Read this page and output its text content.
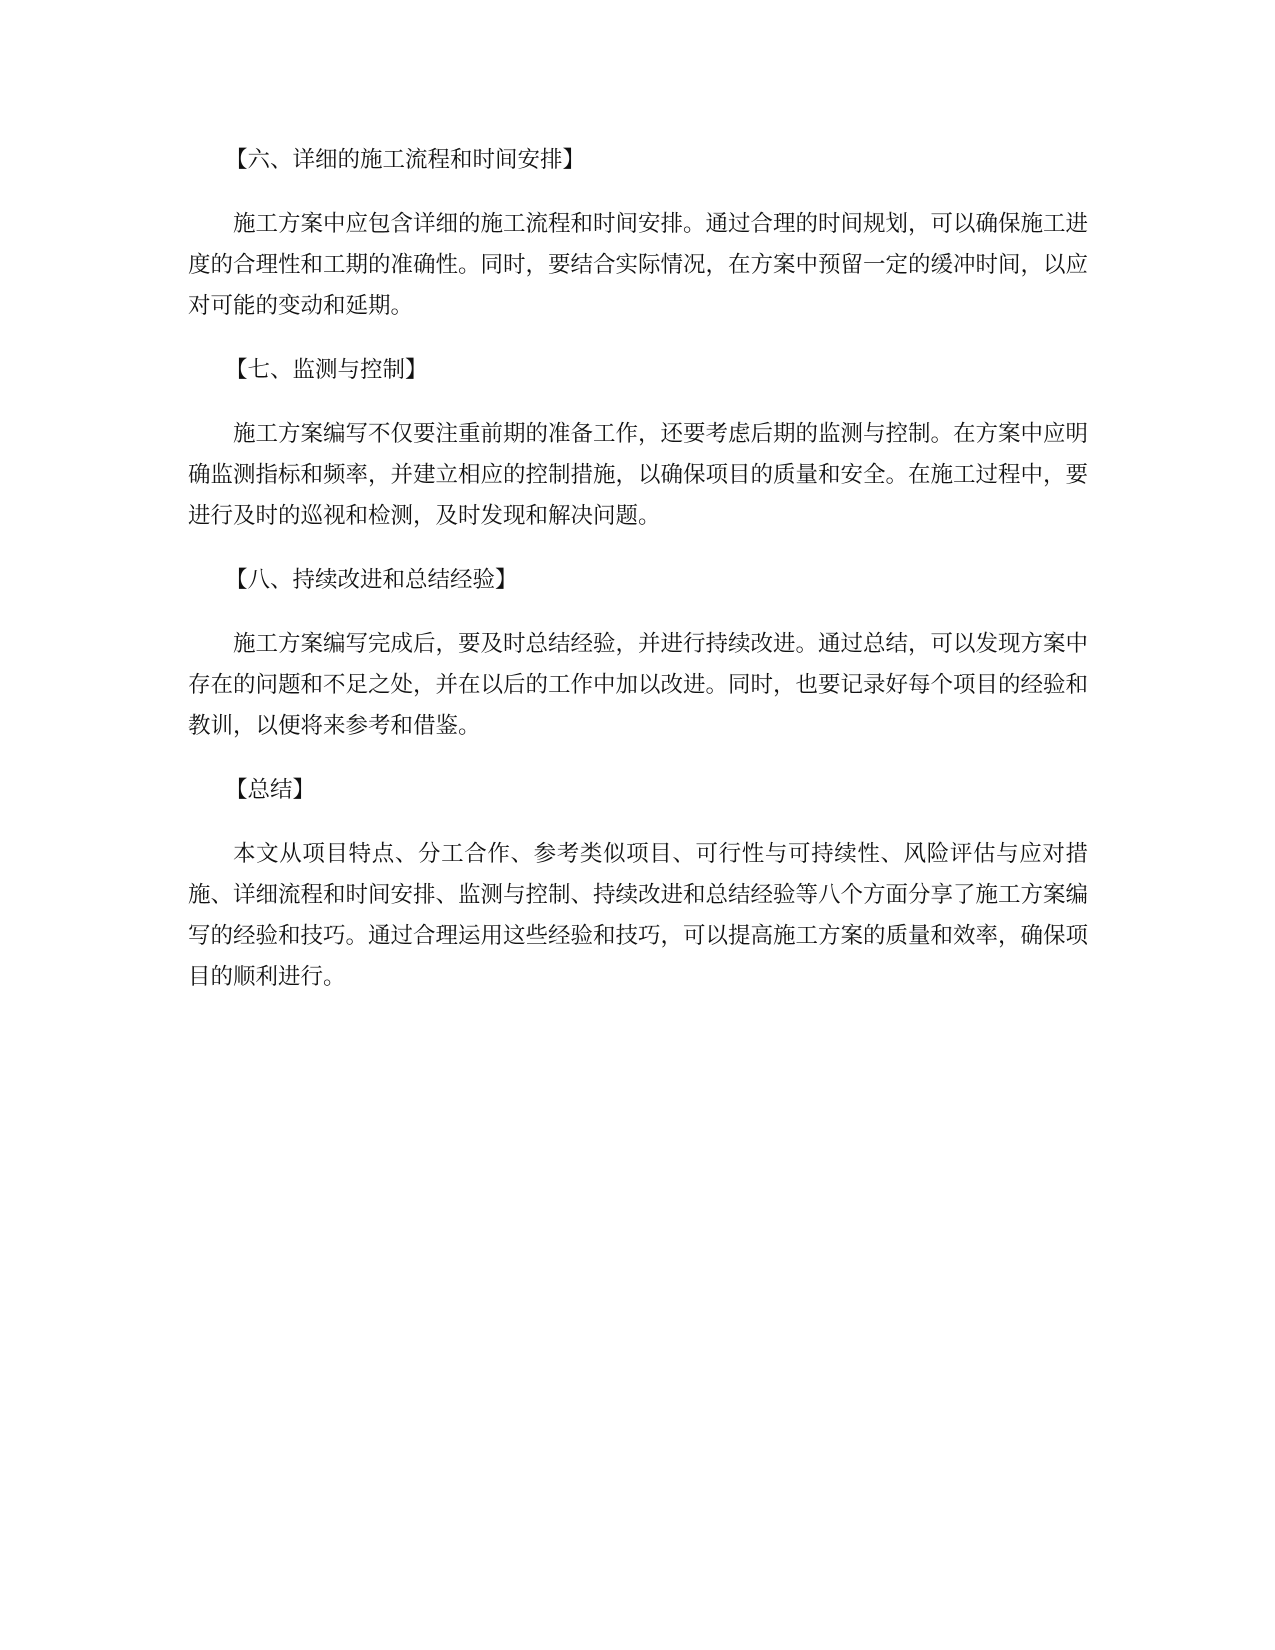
【六、详细的施工流程和时间安排】

施工方案中应包含详细的施工流程和时间安排。通过合理的时间规划，可以确保施工进度的合理性和工期的准确性。同时，要结合实际情况，在方案中预留一定的缓冲时间，以应对可能的变动和延期。

【七、监测与控制】

施工方案编写不仅要注重前期的准备工作，还要考虑后期的监测与控制。在方案中应明确监测指标和频率，并建立相应的控制措施，以确保项目的质量和安全。在施工过程中，要进行及时的巡视和检测，及时发现和解决问题。

【八、持续改进和总结经验】

施工方案编写完成后，要及时总结经验，并进行持续改进。通过总结，可以发现方案中存在的问题和不足之处，并在以后的工作中加以改进。同时，也要记录好每个项目的经验和教训，以便将来参考和借鉴。

【总结】

本文从项目特点、分工合作、参考类似项目、可行性与可持续性、风险评估与应对措施、详细流程和时间安排、监测与控制、持续改进和总结经验等八个方面分享了施工方案编写的经验和技巧。通过合理运用这些经验和技巧，可以提高施工方案的质量和效率，确保项目的顺利进行。
